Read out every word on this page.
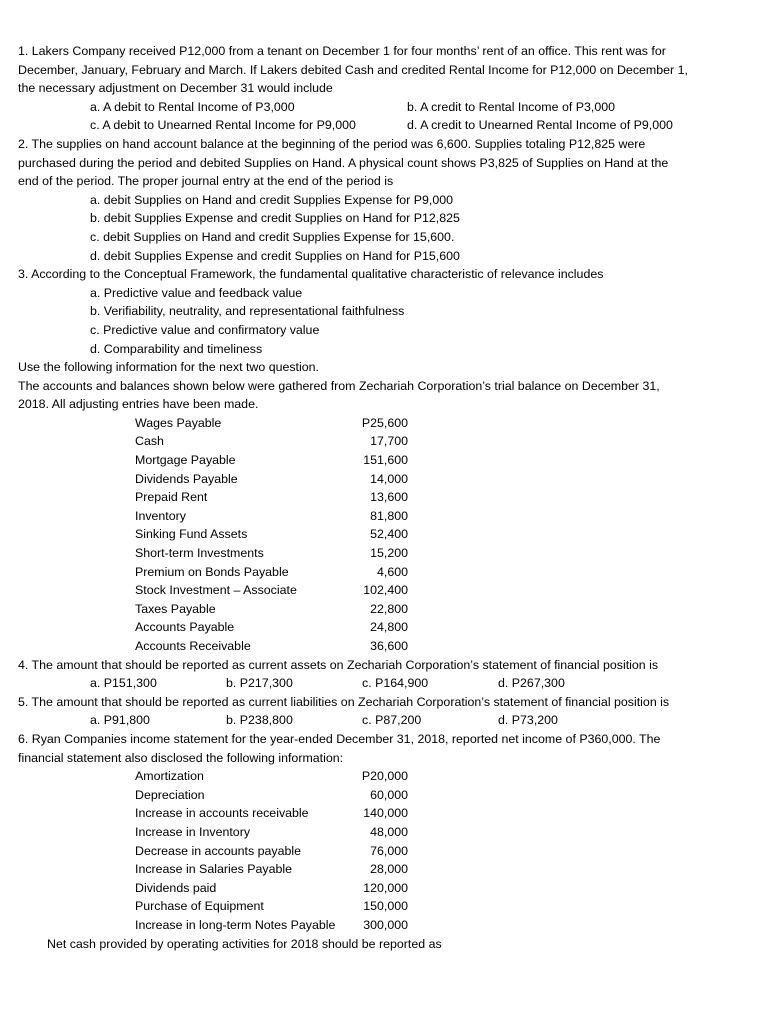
1. Lakers Company received P12,000 from a tenant on December 1 for four months’ rent of an office. This rent was for
December, January, February and March. If Lakers debited Cash and credited Rental Income for P12,000 on December 1,
the necessary adjustment on December 31 would include
a. A debit to Rental Income of P3,000	b. A credit to Rental Income of P3,000
c. A debit to Unearned Rental Income for P9,000	d. A credit to Unearned Rental Income of P9,000
2. The supplies on hand account balance at the beginning of the period was 6,600. Supplies totaling P12,825 were
purchased during the period and debited Supplies on Hand. A physical count shows P3,825 of Supplies on Hand at the
end of the period. The proper journal entry at the end of the period is
a. debit Supplies on Hand and credit Supplies Expense for P9,000
b. debit Supplies Expense and credit Supplies on Hand for P12,825
c. debit Supplies on Hand and credit Supplies Expense for 15,600.
d. debit Supplies Expense and credit Supplies on Hand for P15,600
3. According to the Conceptual Framework, the fundamental qualitative characteristic of relevance includes
a. Predictive value and feedback value
b. Verifiability, neutrality, and representational faithfulness
c. Predictive value and confirmatory value
d. Comparability and timeliness
Use the following information for the next two question.
The accounts and balances shown below were gathered from Zechariah Corporation’s trial balance on December 31,
2018. All adjusting entries have been made.
Wages Payable	P25,600
Cash	17,700
Mortgage Payable	151,600
Dividends Payable	14,000
Prepaid Rent	13,600
Inventory	81,800
Sinking Fund Assets	52,400
Short-term Investments	15,200
Premium on Bonds Payable	4,600
Stock Investment – Associate	102,400
Taxes Payable	22,800
Accounts Payable	24,800
Accounts Receivable	36,600
4. The amount that should be reported as current assets on Zechariah Corporation’s statement of financial position is
a. P151,300	b. P217,300	c. P164,900	d. P267,300
5. The amount that should be reported as current liabilities on Zechariah Corporation’s statement of financial position is
a. P91,800	b. P238,800	c. P87,200	d. P73,200
6. Ryan Companies income statement for the year-ended December 31, 2018, reported net income of P360,000. The
financial statement also disclosed the following information:
Amortization	P20,000
Depreciation	60,000
Increase in accounts receivable	140,000
Increase in Inventory	48,000
Decrease in accounts payable	76,000
Increase in Salaries Payable	28,000
Dividends paid	120,000
Purchase of Equipment	150,000
Increase in long-term Notes Payable	300,000
Net cash provided by operating activities for 2018 should be reported as
